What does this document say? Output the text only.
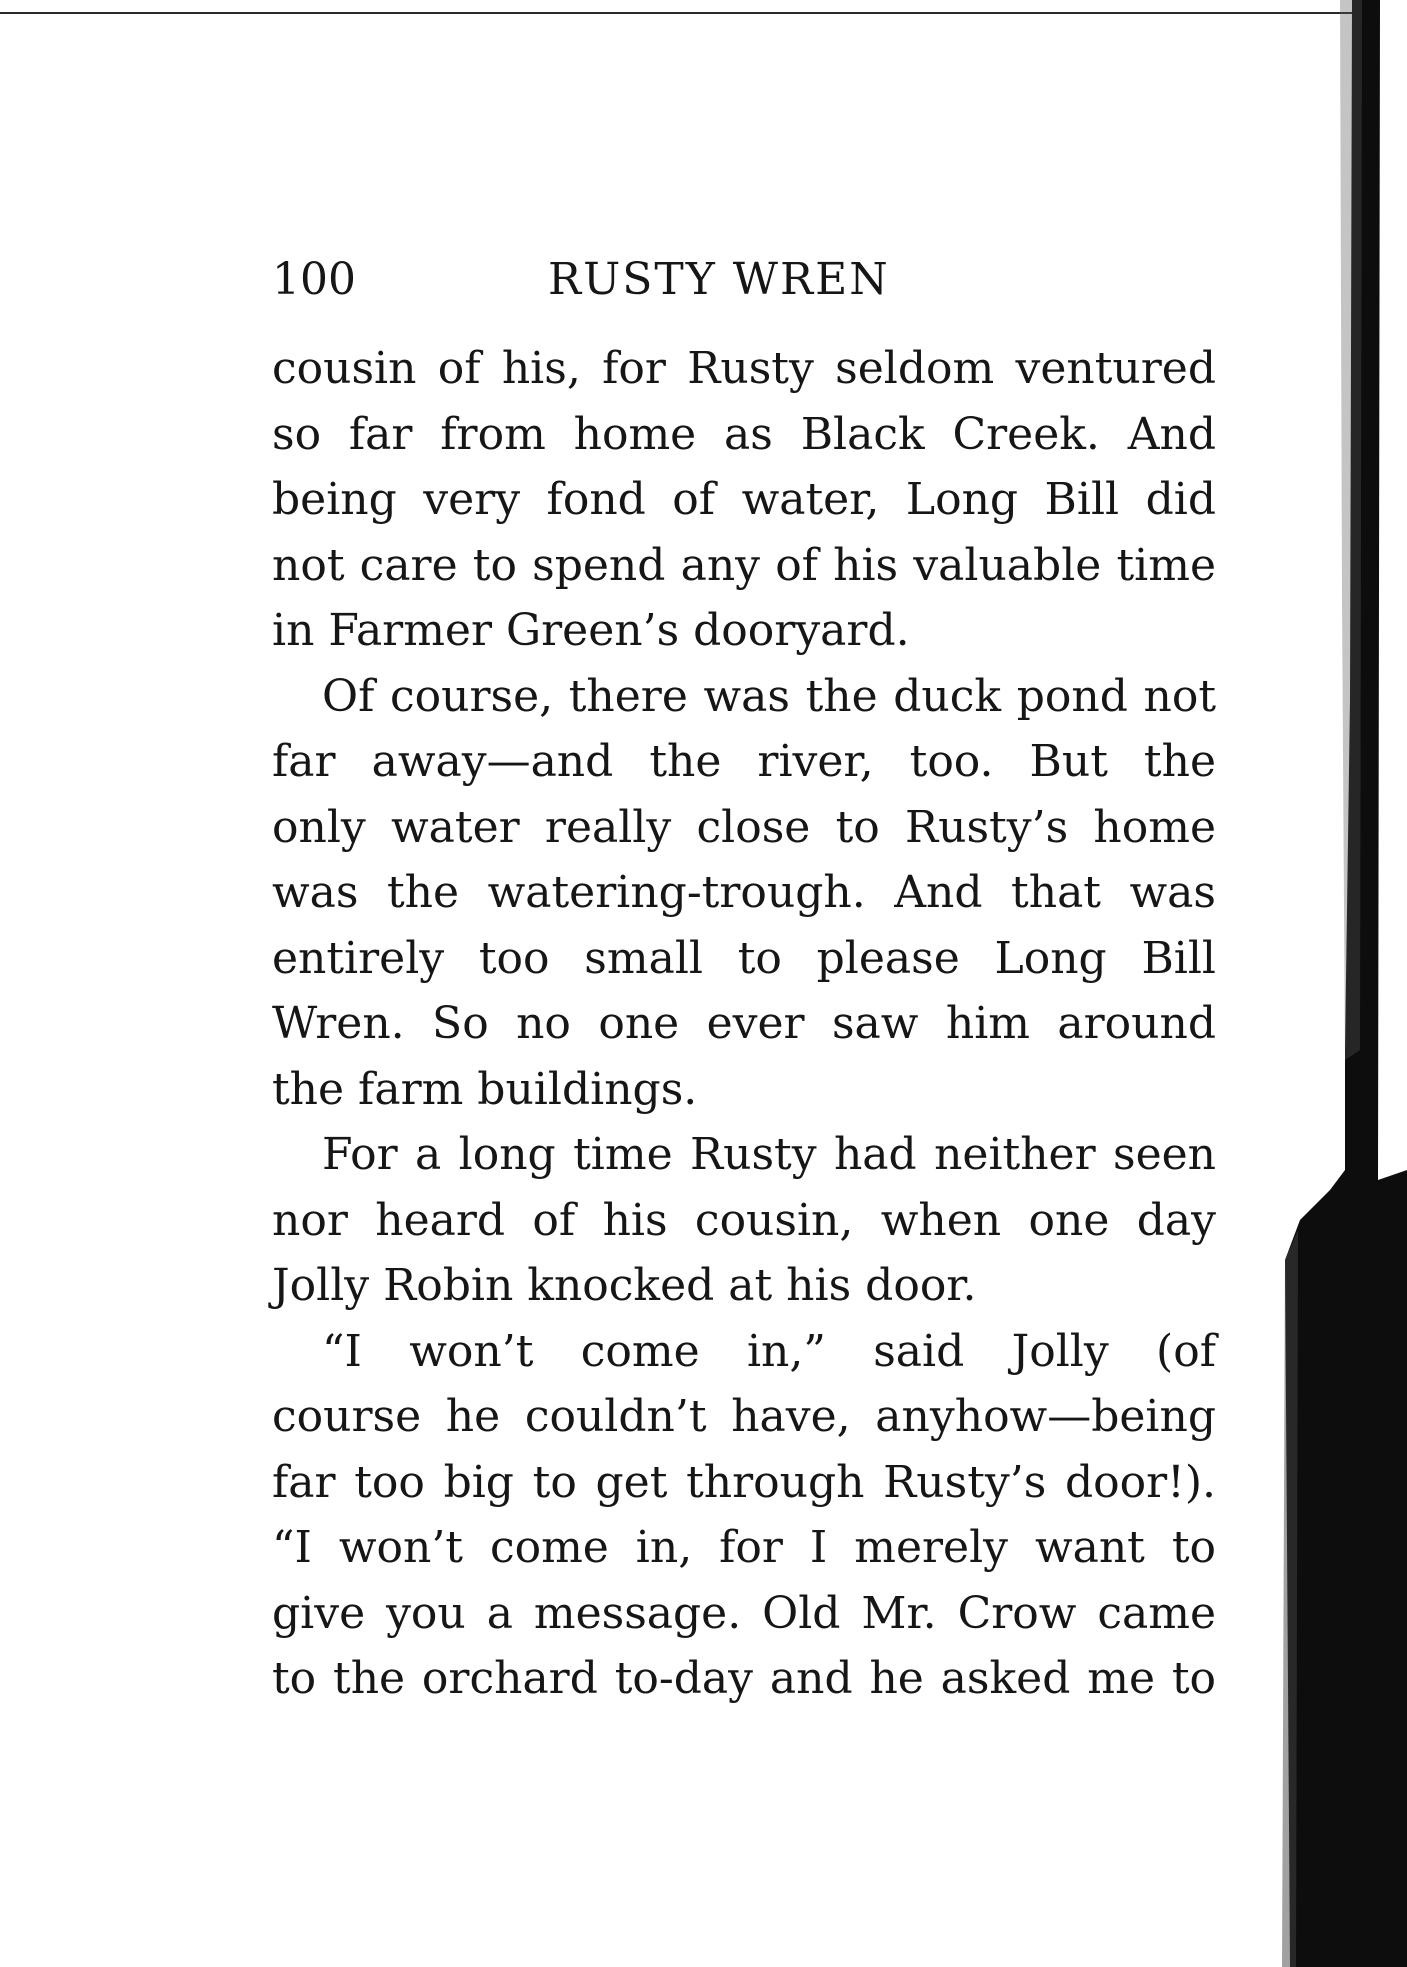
100	RUSTY WREN

cousin of his, for Rusty seldom ventured
so far from home as Black Creek. And
being very fond of water, Long Bill did
not care to spend any of his valuable time
in Farmer Green’s dooryard.

Of course, there was the duck pond not
far away—and the river, too. But the
only water really close to Rusty’s home
was the watering-trough. And that was
entirely too small to please Long Bill
Wren. So no one ever saw him around
the farm buildings.

For a long time Rusty had neither seen
nor heard of his cousin, when one day
Jolly Robin knocked at his door.

“I won’t come in,” said Jolly (of
course he couldn’t have, anyhow—being
far too big to get through Rusty’s door!).
“I won’t come in, for I merely want to
give you a message. Old Mr. Crow came
to the orchard to-day and he asked me to
